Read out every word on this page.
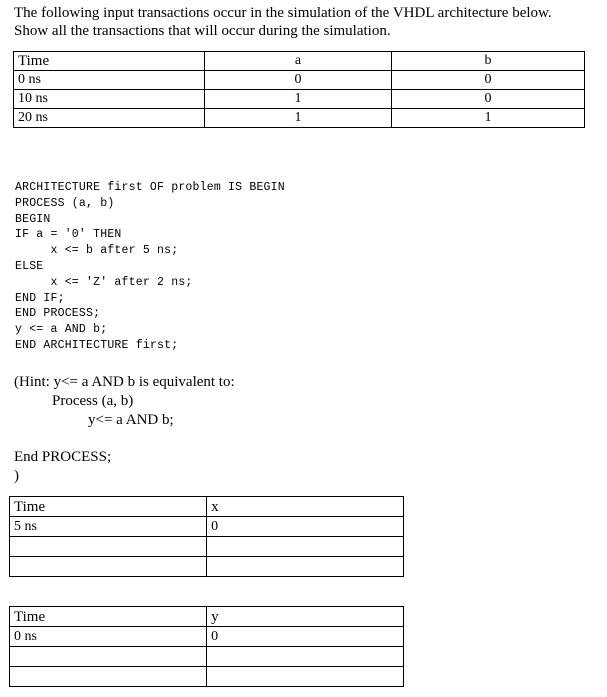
The following input transactions occur in the simulation of the VHDL architecture below.
Show all the transactions that will occur during the simulation.
Time	a	b
0 ns	0	0
10 ns	1	0
20 ns	1	1
ARCHITECTURE first OF problem IS BEGIN
PROCESS (a, b)
BEGIN
IF a = '0' THEN
x <= b after 5 ns;
ELSE
x <= 'Z' after 2 ns;
END IF;
END PROCESS;
y <= a AND b;
END ARCHITECTURE first;
(Hint: y<= a AND b is equivalent to:
Process (a, b)
y<= a AND b;
End PROCESS;
)
Time	x
5 ns	0

Time	y
0 ns	0
